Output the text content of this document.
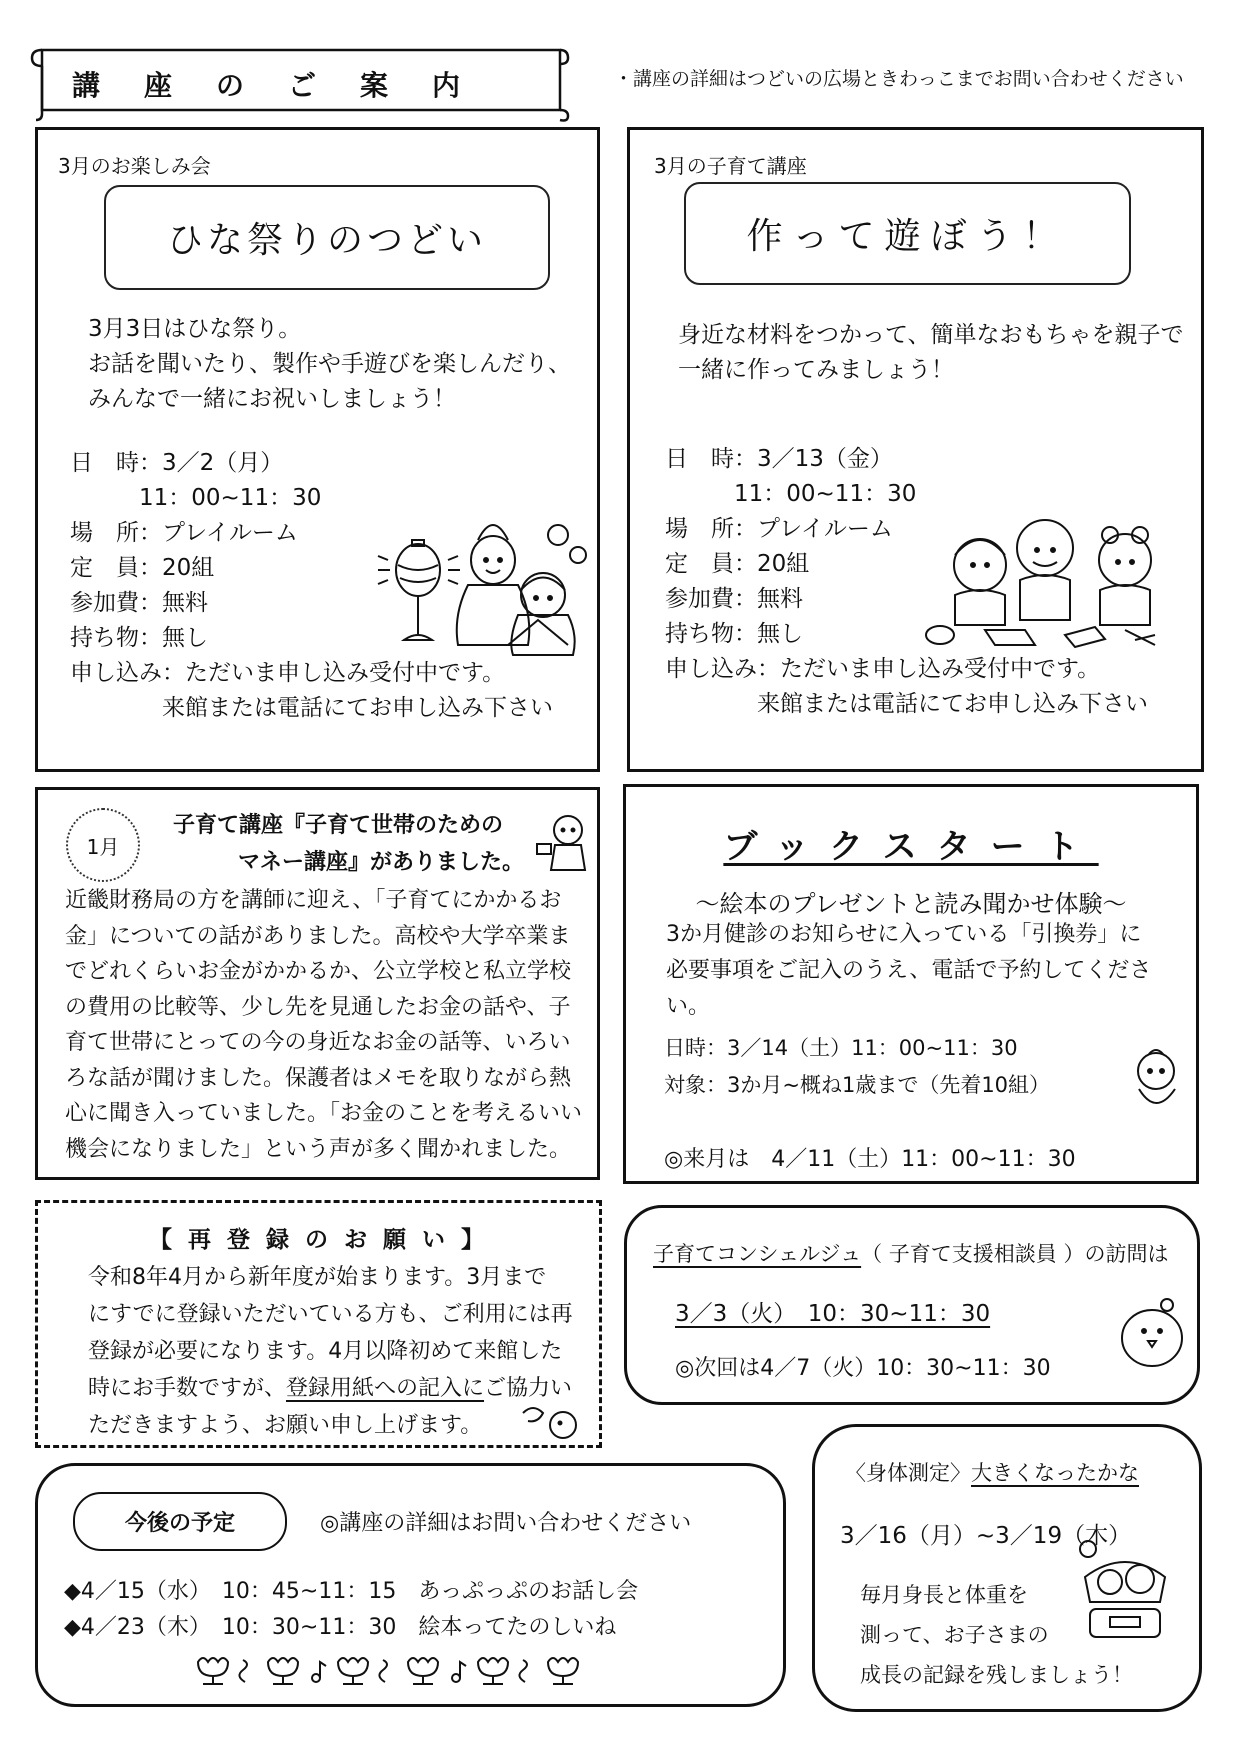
講　座　の　ご　案　内	・講座の詳細はつどいの広場ときわっこまでお問い合わせください
3月のお楽しみ会
ひな祭りのつどい
3月3日はひな祭り。
お話を聞いたり、製作や手遊びを楽しんだり、
みんなで一緒にお祝いしましょう！
日　時：3／2（月）
　　　11：00~11：30
場　所：プレイルーム
定　員：20組
参加費：無料
持ち物：無し
申し込み：ただいま申し込み受付中です。
　　　　来館または電話にてお申し込み下さい
3月の子育て講座
作って遊ぼう！
身近な材料をつかって、簡単なおもちゃを親子で
一緒に作ってみましょう！
日　時：3／13（金）
　　　11：00~11：30
場　所：プレイルーム
定　員：20組
参加費：無料
持ち物：無し
申し込み：ただいま申し込み受付中です。
　　　　来館または電話にてお申し込み下さい
1月
子育て講座『子育て世帯のための
マネー講座』がありました。
近畿財務局の方を講師に迎え、「子育てにかかるお
金」についての話がありました。高校や大学卒業ま
でどれくらいお金がかかるか、公立学校と私立学校
の費用の比較等、少し先を見通したお金の話や、子
育て世帯にとっての今の身近なお金の話等、いろい
ろな話が聞けました。保護者はメモを取りながら熱
心に聞き入っていました。「お金のことを考えるいい
機会になりました」という声が多く聞かれました。
ブックスタート
～絵本のプレゼントと読み聞かせ体験～
3か月健診のお知らせに入っている「引換券」に
必要事項をご記入のうえ、電話で予約してくださ
い。
日時：3／14（土）11：00~11：30
対象：3か月~概ね1歳まで（先着10組）
◎来月は　4／11（土）11：00~11：30
【 再 登 録 の お 願 い 】
令和8年4月から新年度が始まります。3月まで
にすでに登録いただいている方も、ご利用には再
登録が必要になります。4月以降初めて来館した
時にお手数ですが、登録用紙への記入にご協力い
ただきますよう、お願い申し上げます。
子育てコンシェルジュ（ 子育て支援相談員 ）の訪問は
3／3（火）　10：30~11：30
◎次回は4／7（火）10：30~11：30
今後の予定	◎講座の詳細はお問い合わせください
◆4／15（水）　10：45~11：15　あっぷっぷのお話し会
◆4／23（木）　10：30~11：30　絵本ってたのしいね
〈身体測定〉大きくなったかな
3／16（月）~3／19（木）
毎月身長と体重を
測って、お子さまの
成長の記録を残しましょう！
